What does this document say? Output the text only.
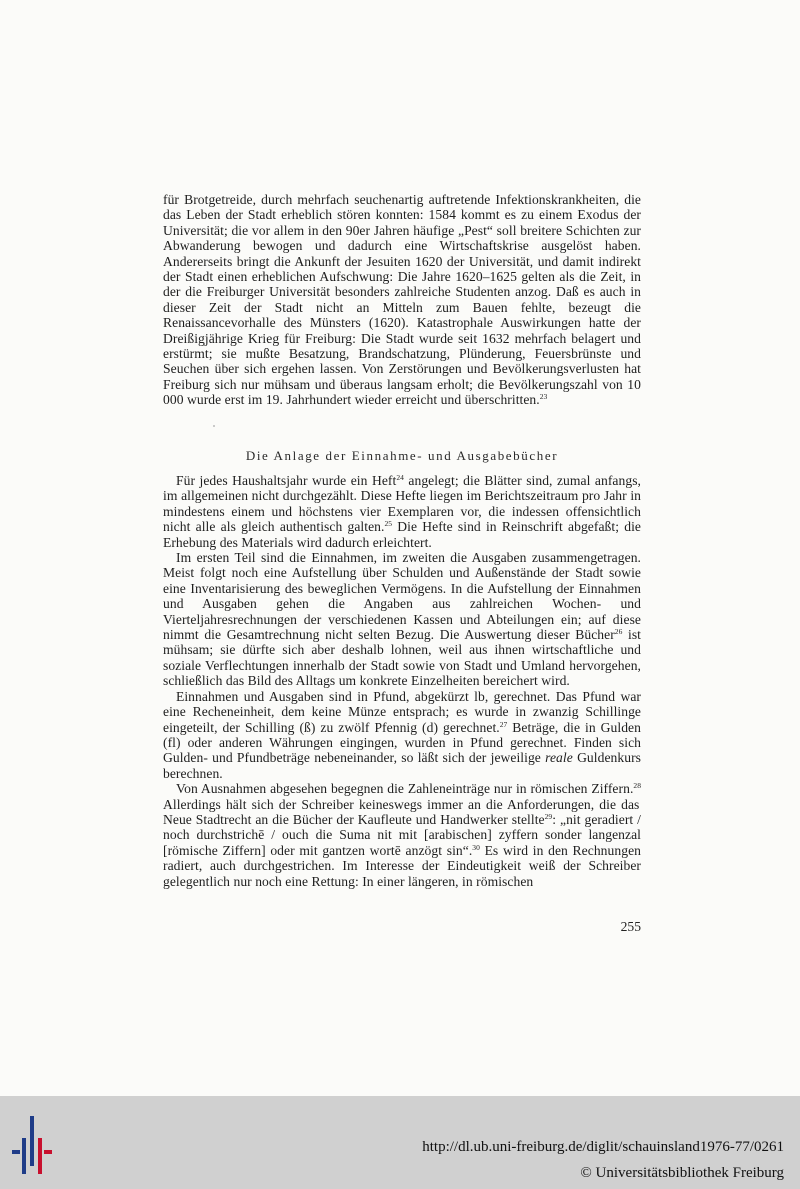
für Brotgetreide, durch mehrfach seuchenartig auftretende Infektionskrankheiten, die das Leben der Stadt erheblich stören konnten: 1584 kommt es zu einem Exodus der Universität; die vor allem in den 90er Jahren häufige „Pest“ soll breitere Schichten zur Abwanderung bewogen und dadurch eine Wirtschaftskrise ausgelöst haben. Andererseits bringt die Ankunft der Jesuiten 1620 der Universität, und damit indirekt der Stadt einen erheblichen Aufschwung: Die Jahre 1620–1625 gelten als die Zeit, in der die Freiburger Universität besonders zahlreiche Studenten anzog. Daß es auch in dieser Zeit der Stadt nicht an Mitteln zum Bauen fehlte, bezeugt die Renaissancevorhalle des Münsters (1620). Katastrophale Auswirkungen hatte der Dreißigjährige Krieg für Freiburg: Die Stadt wurde seit 1632 mehrfach belagert und erstürmt; sie mußte Besatzung, Brandschatzung, Plünderung, Feuersbrünste und Seuchen über sich ergehen lassen. Von Zerstörungen und Bevölkerungsverlusten hat Freiburg sich nur mühsam und überaus langsam erholt; die Bevölkerungszahl von 10 000 wurde erst im 19. Jahrhundert wieder erreicht und überschritten.$^{23}$

Die Anlage der Einnahme- und Ausgabebücher

Für jedes Haushaltsjahr wurde ein Heft$^{24}$ angelegt; die Blätter sind, zumal anfangs, im allgemeinen nicht durchgezählt. Diese Hefte liegen im Berichtszeitraum pro Jahr in mindestens einem und höchstens vier Exemplaren vor, die indessen offensichtlich nicht alle als gleich authentisch galten.$^{25}$ Die Hefte sind in Reinschrift abgefaßt; die Erhebung des Materials wird dadurch erleichtert.

Im ersten Teil sind die Einnahmen, im zweiten die Ausgaben zusammengetragen. Meist folgt noch eine Aufstellung über Schulden und Außenstände der Stadt sowie eine Inventarisierung des beweglichen Vermögens. In die Aufstellung der Einnahmen und Ausgaben gehen die Angaben aus zahlreichen Wochen- und Vierteljahresrechnungen der verschiedenen Kassen und Abteilungen ein; auf diese nimmt die Gesamtrechnung nicht selten Bezug. Die Auswertung dieser Bücher$^{26}$ ist mühsam; sie dürfte sich aber deshalb lohnen, weil aus ihnen wirtschaftliche und soziale Verflechtungen innerhalb der Stadt sowie von Stadt und Umland hervorgehen, schließlich das Bild des Alltags um konkrete Einzelheiten bereichert wird.

Einnahmen und Ausgaben sind in Pfund, abgekürzt lb, gerechnet. Das Pfund war eine Recheneinheit, dem keine Münze entsprach; es wurde in zwanzig Schillinge eingeteilt, der Schilling (ß) zu zwölf Pfennig (d) gerechnet.$^{27}$ Beträge, die in Gulden (fl) oder anderen Währungen eingingen, wurden in Pfund gerechnet. Finden sich Gulden- und Pfundbeträge nebeneinander, so läßt sich der jeweilige reale Guldenkurs berechnen.

Von Ausnahmen abgesehen begegnen die Zahleneinträge nur in römischen Ziffern.$^{28}$ Allerdings hält sich der Schreiber keineswegs immer an die Anforderungen, die das Neue Stadtrecht an die Bücher der Kaufleute und Handwerker stellte$^{29}$: „nit geradiert / noch durchstrichē / ouch die Suma nit mit [arabischen] zyffern sonder langenzal [römische Ziffern] oder mit gantzen wortē anzögt sin“.$^{30}$ Es wird in den Rechnungen radiert, auch durchgestrichen. Im Interesse der Eindeutigkeit weiß der Schreiber gelegentlich nur noch eine Rettung: In einer längeren, in römischen

255
http://dl.ub.uni-freiburg.de/diglit/schauinsland1976-77/0261
© Universitätsbibliothek Freiburg
